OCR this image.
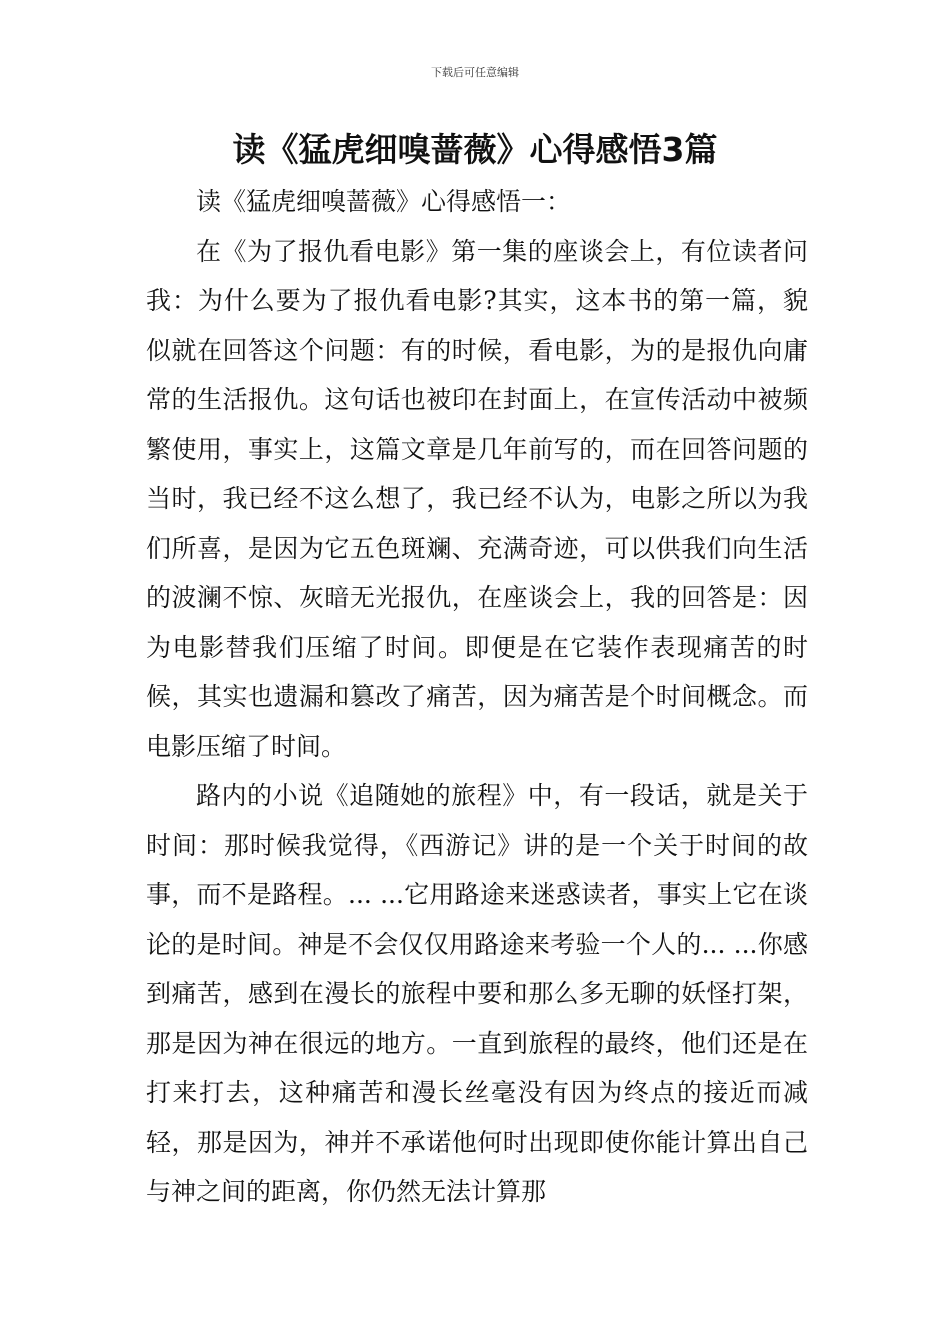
下载后可任意编辑
读《猛虎细嗅蔷薇》心得感悟3篇

读《猛虎细嗅蔷薇》心得感悟一：

在《为了报仇看电影》第一集的座谈会上，有位读者问我：为什么要为了报仇看电影?其实，这本书的第一篇，貌似就在回答这个问题：有的时候，看电影，为的是报仇向庸常的生活报仇。这句话也被印在封面上，在宣传活动中被频繁使用，事实上，这篇文章是几年前写的，而在回答问题的当时，我已经不这么想了，我已经不认为，电影之所以为我们所喜，是因为它五色斑斓、充满奇迹，可以供我们向生活的波澜不惊、灰暗无光报仇，在座谈会上，我的回答是：因为电影替我们压缩了时间。即便是在它装作表现痛苦的时候，其实也遗漏和篡改了痛苦，因为痛苦是个时间概念。而电影压缩了时间。

路内的小说《追随她的旅程》中，有一段话，就是关于时间：那时候我觉得，《西游记》讲的是一个关于时间的故事，而不是路程。... ...它用路途来迷惑读者，事实上它在谈论的是时间。神是不会仅仅用路途来考验一个人的... ...你感到痛苦，感到在漫长的旅程中要和那么多无聊的妖怪打架，那是因为神在很远的地方。一直到旅程的最终，他们还是在打来打去，这种痛苦和漫长丝毫没有因为终点的接近而减轻，那是因为，神并不承诺他何时出现即使你能计算出自己与神之间的距离，你仍然无法计算那
